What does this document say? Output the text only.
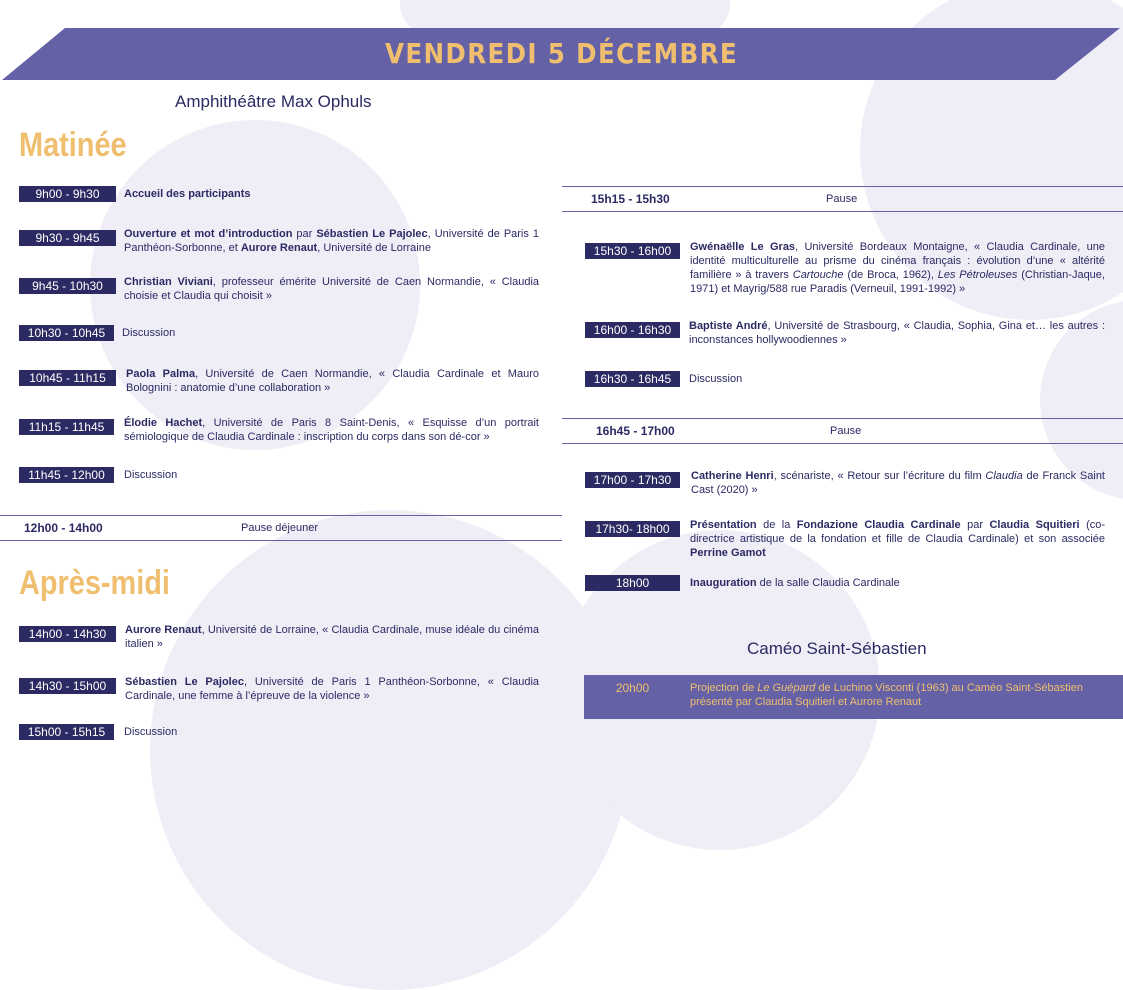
VENDREDI 5 DÉCEMBRE
Amphithéâtre Max Ophuls
Matinée
Après-midi
9h00 - 9h30	Accueil des participants
9h30 - 9h45	Ouverture et mot d’introduction par Sébastien Le Pajolec, Université de Paris 1 Panthéon-Sorbonne, et Aurore Renaut, Université de Lorraine
9h45 - 10h30	Christian Viviani, professeur émérite Université de Caen Normandie, « Claudia choisie et Claudia qui choisit »
10h30 - 10h45	Discussion
10h45 - 11h15	Paola Palma, Université de Caen Normandie, « Claudia Cardinale et Mauro Bolognini : anatomie d’une collaboration »
11h15 - 11h45	Élodie Hachet, Université de Paris 8 Saint-Denis, « Esquisse d’un portrait sémiologique de Claudia Cardinale : inscription du corps dans son dé-cor »
11h45 - 12h00	Discussion
12h00 - 14h00	Pause déjeuner
14h00 - 14h30	Aurore Renaut, Université de Lorraine, « Claudia Cardinale, muse idéale du cinéma italien »
14h30 - 15h00	Sébastien Le Pajolec, Université de Paris 1 Panthéon-Sorbonne, « Claudia Cardinale, une femme à l’épreuve de la violence »
15h00 - 15h15	Discussion
15h15 - 15h30	Pause
15h30 - 16h00	Gwénaëlle Le Gras, Université Bordeaux Montaigne, « Claudia Cardinale, une identité multiculturelle au prisme du cinéma français : évolution d’une « altérité familière » à travers Cartouche (de Broca, 1962), Les Pétroleuses (Christian-Jaque, 1971) et Mayrig/588 rue Paradis (Verneuil, 1991-1992) »
16h00 - 16h30	Baptiste André, Université de Strasbourg, « Claudia, Sophia, Gina et… les autres : inconstances hollywoodiennes »
16h30 - 16h45	Discussion
16h45 - 17h00	Pause
17h00 - 17h30	Catherine Henri, scénariste, « Retour sur l’écriture du film Claudia de Franck Saint Cast (2020) »
17h30- 18h00	Présentation de la Fondazione Claudia Cardinale par Claudia Squitieri (co-directrice artistique de la fondation et fille de Claudia Cardinale) et son associée Perrine Gamot
18h00	Inauguration de la salle Claudia Cardinale
Caméo Saint-Sébastien
20h00	Projection de Le Guépard de Luchino Visconti (1963) au Caméo Saint-Sébastien présenté par Claudia Squitieri et Aurore Renaut
